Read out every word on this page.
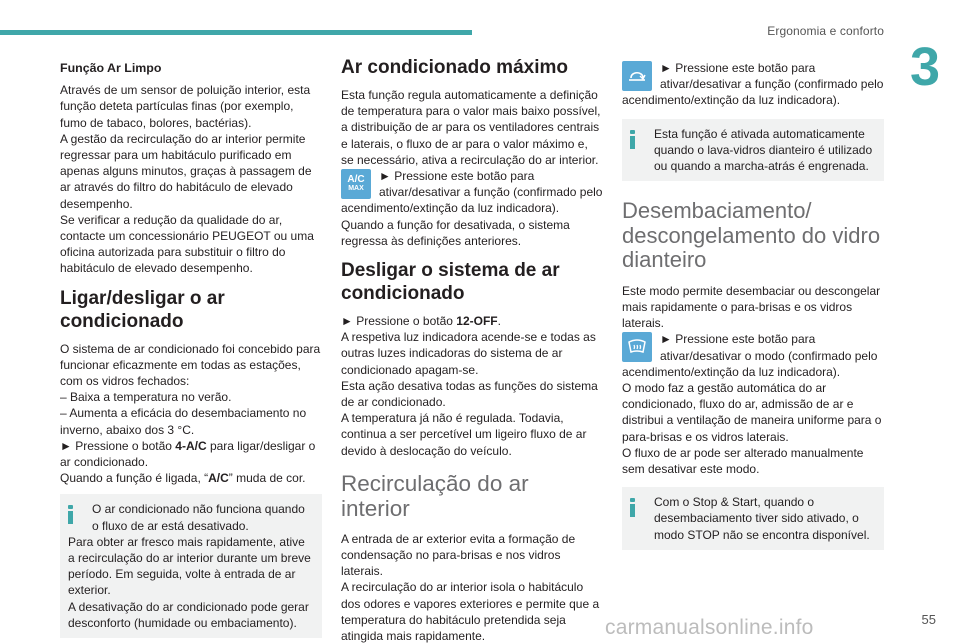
Ergonomia e conforto
3

Função Ar Limpo

Através de um sensor de poluição interior, esta função deteta partículas finas (por exemplo, fumo de tabaco, bolores, bactérias).

A gestão da recirculação do ar interior permite regressar para um habitáculo purificado em apenas alguns minutos, graças à passagem de ar através do filtro do habitáculo de elevado desempenho.

Se verificar a redução da qualidade do ar, contacte um concessionário PEUGEOT ou uma oficina autorizada para substituir o filtro do habitáculo de elevado desempenho.

Ligar/desligar o ar condicionado

O sistema de ar condicionado foi concebido para funcionar eficazmente em todas as estações, com os vidros fechados:

– Baixa a temperatura no verão.

– Aumenta a eficácia do desembaciamento no inverno, abaixo dos 3 °C.

► Pressione o botão 4-A/C para ligar/desligar o ar condicionado.

Quando a função é ligada, “A/C” muda de cor.

O ar condicionado não funciona quando o fluxo de ar está desativado.

Para obter ar fresco mais rapidamente, ative a recirculação do ar interior durante um breve período. Em seguida, volte à entrada de ar exterior.

A desativação do ar condicionado pode gerar desconforto (humidade ou embaciamento).

Ar condicionado máximo

Esta função regula automaticamente a definição de temperatura para o valor mais baixo possível, a distribuição de ar para os ventiladores centrais e laterais, o fluxo de ar para o valor máximo e, se necessário, ativa a recirculação do ar interior.

A/C
MAX

► Pressione este botão para ativar/desativar a função (confirmado pelo acendimento/extinção da luz indicadora).

Quando a função for desativada, o sistema regressa às definições anteriores.

Desligar o sistema de ar condicionado

► Pressione o botão 12-OFF.

A respetiva luz indicadora acende-se e todas as outras luzes indicadoras do sistema de ar condicionado apagam-se.

Esta ação desativa todas as funções do sistema de ar condicionado.

A temperatura já não é regulada. Todavia, continua a ser percetível um ligeiro fluxo de ar devido à deslocação do veículo.

Recirculação do ar interior

A entrada de ar exterior evita a formação de condensação no para-brisas e nos vidros laterais.

A recirculação do ar interior isola o habitáculo dos odores e vapores exteriores e permite que a temperatura do habitáculo pretendida seja atingida mais rapidamente.

► Pressione este botão para ativar/desativar a função (confirmado pelo acendimento/extinção da luz indicadora).

Esta função é ativada automaticamente quando o lava-vidros dianteiro é utilizado ou quando a marcha-atrás é engrenada.

Desembaciamento/ descongelamento do vidro dianteiro

Este modo permite desembaciar ou descongelar mais rapidamente o para-brisas e os vidros laterais.

► Pressione este botão para ativar/desativar o modo (confirmado pelo acendimento/extinção da luz indicadora).

O modo faz a gestão automática do ar condicionado, fluxo do ar, admissão de ar e distribui a ventilação de maneira uniforme para o para-brisas e os vidros laterais.

O fluxo de ar pode ser alterado manualmente sem desativar este modo.

Com o Stop & Start, quando o desembaciamento tiver sido ativado, o modo STOP não se encontra disponível.
55
carmanualsonline.info
